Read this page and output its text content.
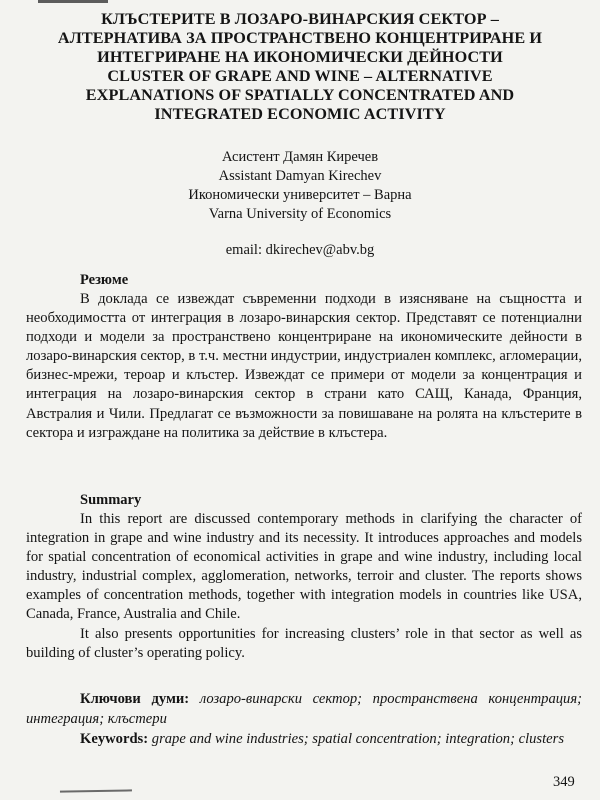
КЛЪСТЕРИТЕ В ЛОЗАРО-ВИНАРСКИЯ СЕКТОР –
АЛТЕРНАТИВА ЗА ПРОСТРАНСТВЕНО КОНЦЕНТРИРАНЕ И
ИНТЕГРИРАНЕ НА ИКОНОМИЧЕСКИ ДЕЙНОСТИ
CLUSTER OF GRAPE AND WINE – ALTERNATIVE
EXPLANATIONS OF SPATIALLY CONCENTRATED AND
INTEGRATED ECONOMIC ACTIVITY
Асистент Дамян Киречев
Assistant Damyan Kirechev
Икономически университет – Варна
Varna University of Economics
email: dkirechev@abv.bg
Резюме

В доклада се извеждат съвременни подходи в изясняване на същността и необходимостта от интеграция в лозаро-винарския сектор. Представят се потенциални подходи и модели за пространствено концентриране на икономическите дейности в лозаро-винарския сектор, в т.ч. местни индустрии, индустриален комплекс, агломерации, бизнес-мрежи, тероар и клъстер. Извеждат се примери от модели за концентрация и интеграция на лозаро-винарския сектор в страни като САЩ, Канада, Франция, Австралия и Чили. Предлагат се възможности за повишаване на ролята на клъстерите в сектора и изграждане на политика за действие в клъстера.

Summary

In this report are discussed contemporary methods in clarifying the character of integration in grape and wine industry and its necessity. It introduces approaches and models for spatial concentration of economical activities in grape and wine industry, including local industry, industrial complex, agglomeration, networks, terroir and cluster. The reports shows examples of concentration methods, together with integration models in countries like USA, Canada, France, Australia and Chile.

It also presents opportunities for increasing clusters’ role in that sector as well as building of cluster’s operating policy.

Ключови думи: лозаро-винарски сектор; пространствена концентрация; интеграция; клъстери
Keywords: grape and wine industries; spatial concentration; integration; clusters
349
